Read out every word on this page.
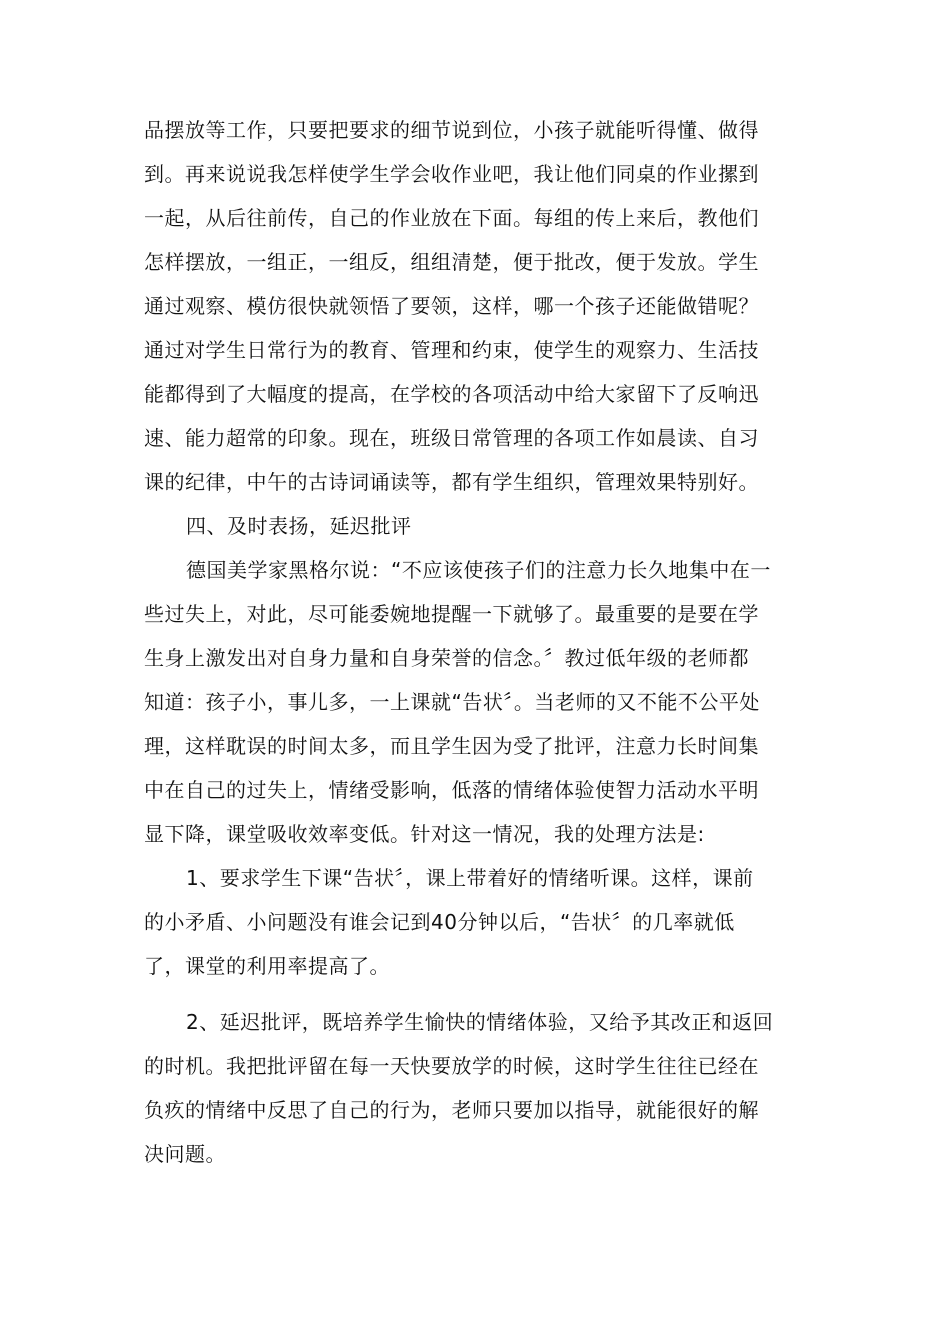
品摆放等工作，只要把要求的细节说到位，小孩子就能听得懂、做得
到。再来说说我怎样使学生学会收作业吧，我让他们同桌的作业摞到
一起，从后往前传，自己的作业放在下面。每组的传上来后，教他们
怎样摆放，一组正，一组反，组组清楚，便于批改，便于发放。学生
通过观察、模仿很快就领悟了要领，这样，哪一个孩子还能做错呢？
通过对学生日常行为的教育、管理和约束，使学生的观察力、生活技
能都得到了大幅度的提高，在学校的各项活动中给大家留下了反响迅
速、能力超常的印象。现在，班级日常管理的各项工作如晨读、自习
课的纪律，中午的古诗词诵读等，都有学生组织，管理效果特别好。
四、及时表扬，延迟批评
德国美学家黑格尔说：“不应该使孩子们的注意力长久地集中在一
些过失上，对此，尽可能委婉地提醒一下就够了。最重要的是要在学
生身上激发出对自身力量和自身荣誉的信念。〞教过低年级的老师都
知道：孩子小，事儿多，一上课就“告状〞。当老师的又不能不公平处
理，这样耽误的时间太多，而且学生因为受了批评，注意力长时间集
中在自己的过失上，情绪受影响，低落的情绪体验使智力活动水平明
显下降，课堂吸收效率变低。针对这一情况，我的处理方法是:
1、要求学生下课“告状〞，课上带着好的情绪听课。这样，课前
的小矛盾、小问题没有谁会记到40分钟以后，“告状〞的几率就低
了，课堂的利用率提高了。
2、延迟批评，既培养学生愉快的情绪体验，又给予其改正和返回
的时机。我把批评留在每一天快要放学的时候，这时学生往往已经在
负疚的情绪中反思了自己的行为，老师只要加以指导，就能很好的解
决问题。
